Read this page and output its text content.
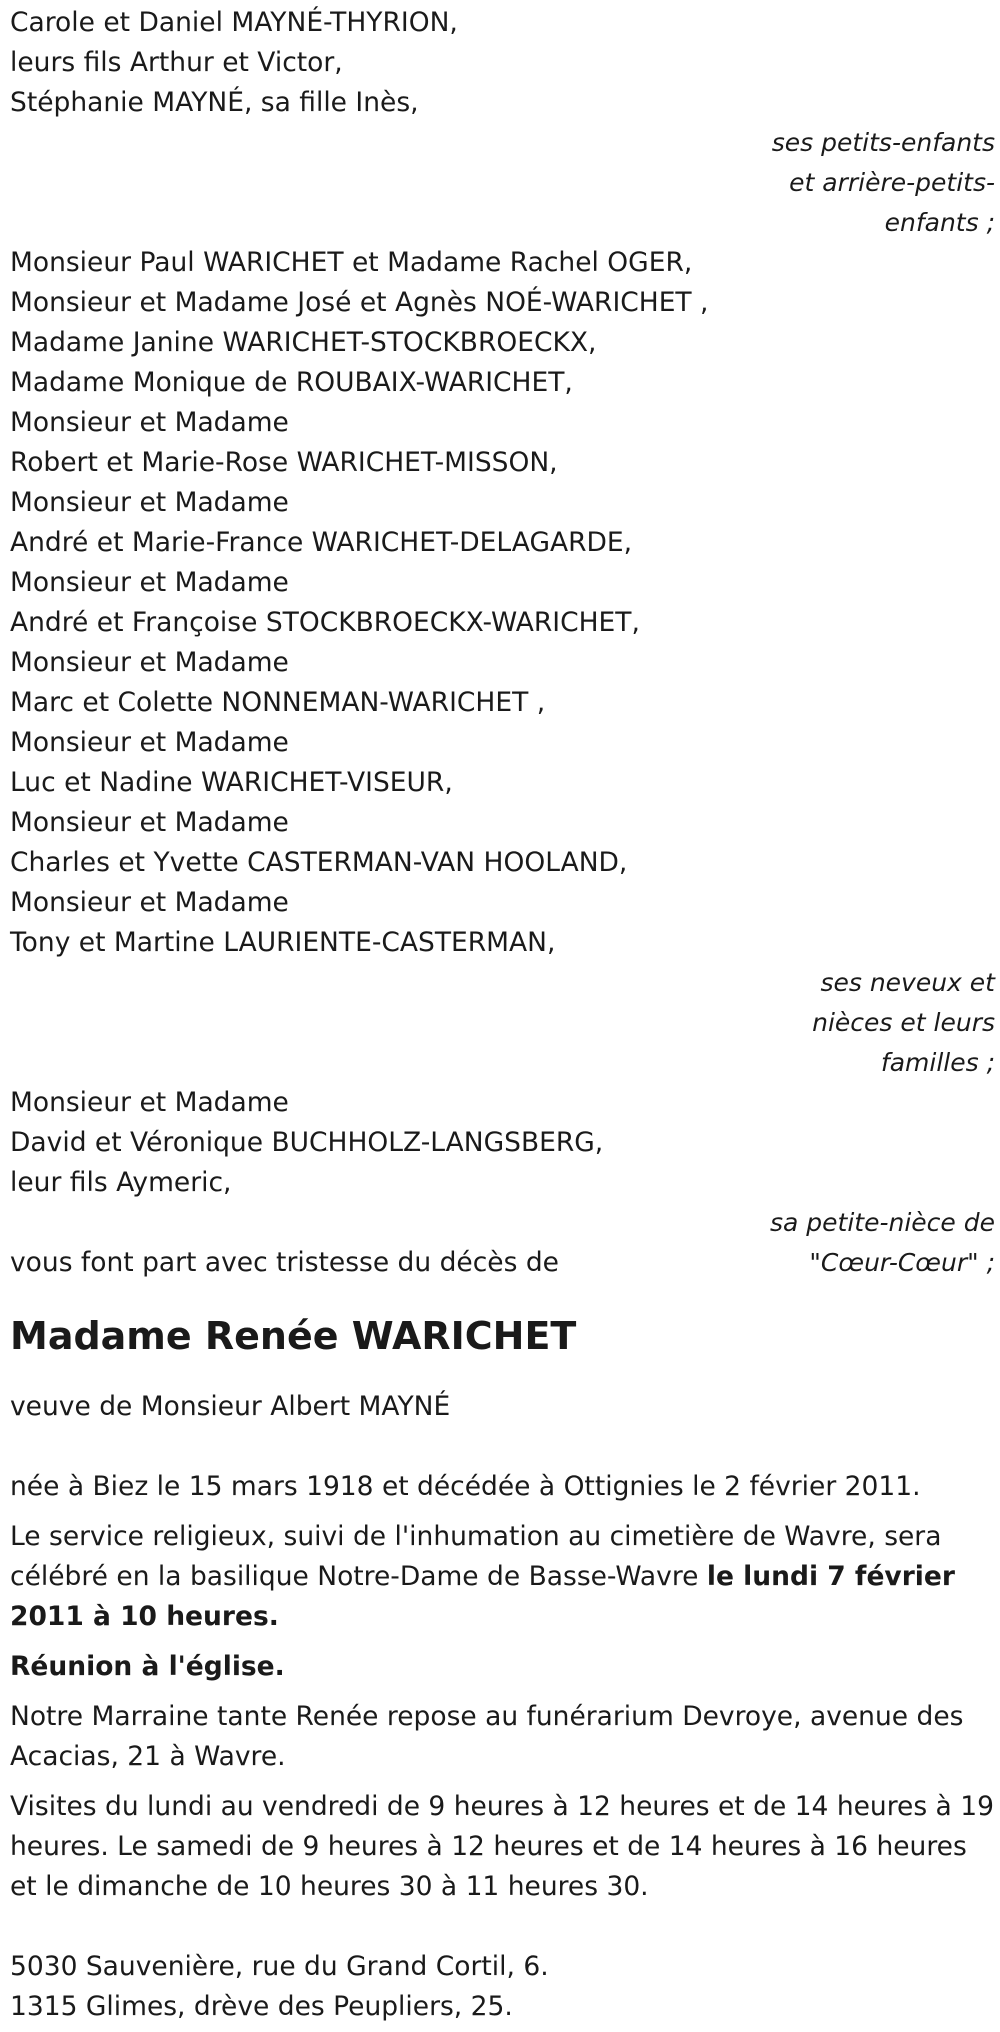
Carole et Daniel MAYNÉ-THYRION,

leurs fils Arthur et Victor,

Stéphanie MAYNÉ, sa fille Inès,

ses petits-enfants

et arrière-petits-

enfants ;

Monsieur Paul WARICHET et Madame Rachel OGER,

Monsieur et Madame José et Agnès NOÉ-WARICHET ,

Madame Janine WARICHET-STOCKBROECKX,

Madame Monique de ROUBAIX-WARICHET,

Monsieur et Madame

Robert et Marie-Rose WARICHET-MISSON,

Monsieur et Madame

André et Marie-France WARICHET-DELAGARDE,

Monsieur et Madame

André et Françoise STOCKBROECKX-WARICHET,

Monsieur et Madame

Marc et Colette NONNEMAN-WARICHET ,

Monsieur et Madame

Luc et Nadine WARICHET-VISEUR,

Monsieur et Madame

Charles et Yvette CASTERMAN-VAN HOOLAND,

Monsieur et Madame

Tony et Martine LAURIENTE-CASTERMAN,

ses neveux et

nièces et leurs

familles ;

Monsieur et Madame

David et Véronique BUCHHOLZ-LANGSBERG,

leur fils Aymeric,

sa petite-nièce de

"Cœur-Cœur" ;

vous font part avec tristesse du décès de

Madame Renée WARICHET

veuve de Monsieur Albert MAYNÉ

née à Biez le 15 mars 1918 et décédée à Ottignies le 2 février 2011.

Le service religieux, suivi de l'inhumation au cimetière de Wavre, sera célébré en la basilique Notre-Dame de Basse-Wavre le lundi 7 février 2011 à 10 heures.

Réunion à l'église.

Notre Marraine tante Renée repose au funérarium Devroye, avenue des Acacias, 21 à Wavre.

Visites du lundi au vendredi de 9 heures à 12 heures et de 14 heures à 19 heures. Le samedi de 9 heures à 12 heures et de 14 heures à 16 heures et le dimanche de 10 heures 30 à 11 heures 30.

5030 Sauvenière, rue du Grand Cortil, 6.

1315 Glimes, drève des Peupliers, 25.
